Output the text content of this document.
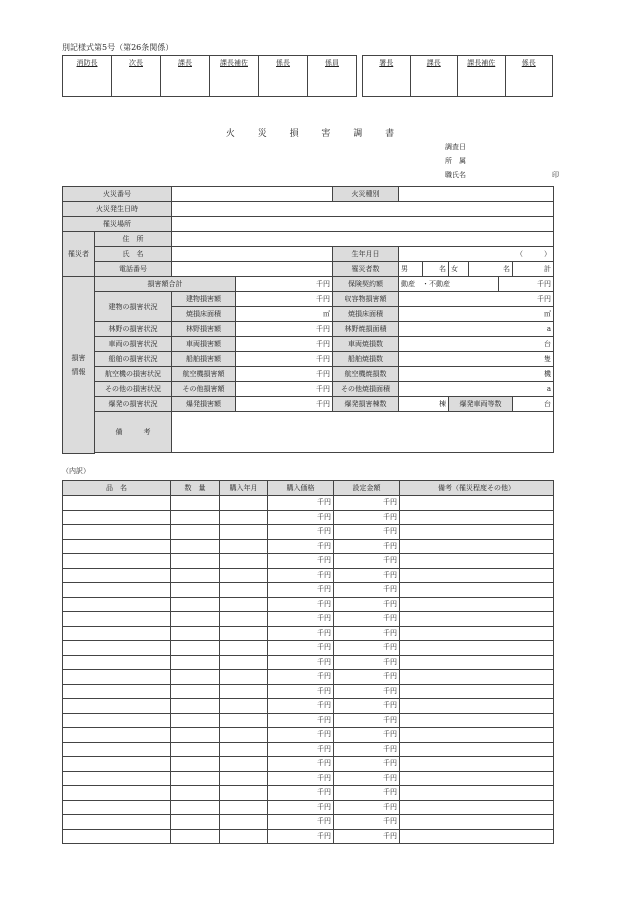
別記様式第5号（第26条関係）
消防長	次長	課長	課長補佐	係長	係員	署長	課長	課長補佐	係長
火 災 損 害 調 書
調査日
所　属
職氏名	印
火災番号				火災種別							
火災発生日時											
罹災場所											
罹災者	住　所										
	氏　名			生年月日	（　　　）						
	電話番号			罹災者数	男	名	女	名		計	
損害情報	損害額合計		千円	保険契約額	動産　・不動産				千円		
	建物の損害状況	建物損害額	千円	収容物損害額	千円						
		焼損床面積	㎡	焼損床面積	㎡						
	林野の損害状況	林野損害額	千円	林野焼損面積	a						
	車両の損害状況	車両損害額	千円	車両焼損数	台						
	船舶の損害状況	船舶損害額	千円	船舶焼損数	隻						
	航空機の損害状況	航空機損害額	千円	航空機焼損数	機						
	その他の損害状況	その他損害額	千円	その他焼損面積	a						
	爆発の損害状況	爆発損害額	千円	爆発損害棟数	棟		爆発車両等数			台	
	備　　　考										

（内訳）
品　名	数　量	購入年月	購入価格	設定金額	備考（罹災程度その他）
			千円	千円	
			千円	千円	
			千円	千円	
			千円	千円	
			千円	千円	
			千円	千円	
			千円	千円	
			千円	千円	
			千円	千円	
			千円	千円	
			千円	千円	
			千円	千円	
			千円	千円	
			千円	千円	
			千円	千円	
			千円	千円	
			千円	千円	
			千円	千円	
			千円	千円	
			千円	千円	
			千円	千円	
			千円	千円	
			千円	千円	
			千円	千円	
